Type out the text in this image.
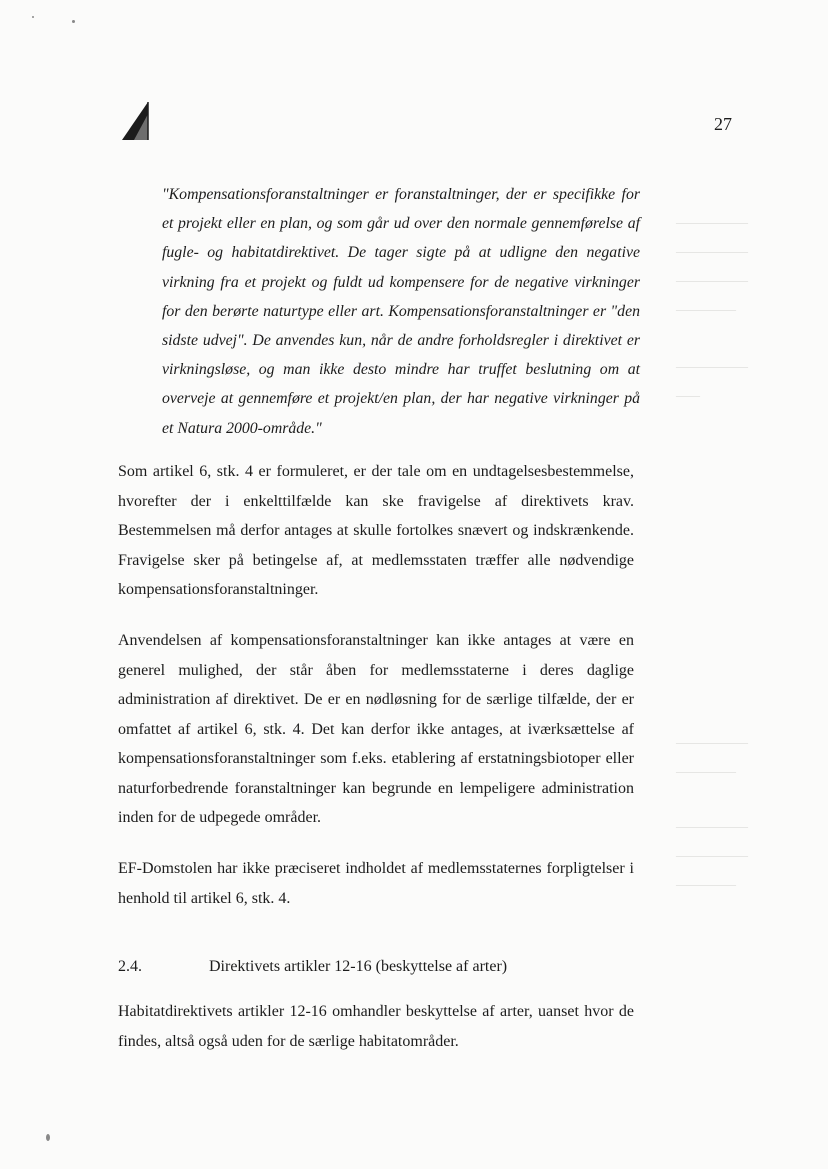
——————
——————
——————
—————
——————
——
——————
—————
——————
——————
—————
27
"Kompensationsforanstaltninger er foranstaltninger, der er specifikke for et projekt eller en plan, og som går ud over den normale gennemførelse af fugle- og habitatdirektivet. De tager sigte på at udligne den negative virkning fra et projekt og fuldt ud kompensere for de negative virkninger for den berørte naturtype eller art. Kompensationsforanstaltninger er "den sidste udvej". De anvendes kun, når de andre forholdsregler i direktivet er virkningsløse, og man ikke desto mindre har truffet beslutning om at overveje at gennemføre et projekt/en plan, der har negative virkninger på et Natura 2000-område."
Som artikel 6, stk. 4 er formuleret, er der tale om en undtagelsesbestemmelse, hvorefter der i enkelttilfælde kan ske fravigelse af direktivets krav. Bestemmelsen må derfor antages at skulle fortolkes snævert og indskrænkende. Fravigelse sker på betingelse af, at medlemsstaten træffer alle nødvendige kompensationsforanstaltninger.
Anvendelsen af kompensationsforanstaltninger kan ikke antages at være en generel mulighed, der står åben for medlemsstaterne i deres daglige administration af direktivet. De er en nødløsning for de særlige tilfælde, der er omfattet af artikel 6, stk. 4. Det kan derfor ikke antages, at iværksættelse af kompensationsforanstaltninger som f.eks. etablering af erstatningsbiotoper eller naturforbedrende foranstaltninger kan begrunde en lempeligere administration inden for de udpegede områder.
EF-Domstolen har ikke præciseret indholdet af medlemsstaternes forpligtelser i henhold til artikel 6, stk. 4.
2.4.	Direktivets artikler 12-16 (beskyttelse af arter)
Habitatdirektivets artikler 12-16 omhandler beskyttelse af arter, uanset hvor de findes, altså også uden for de særlige habitatområder.
